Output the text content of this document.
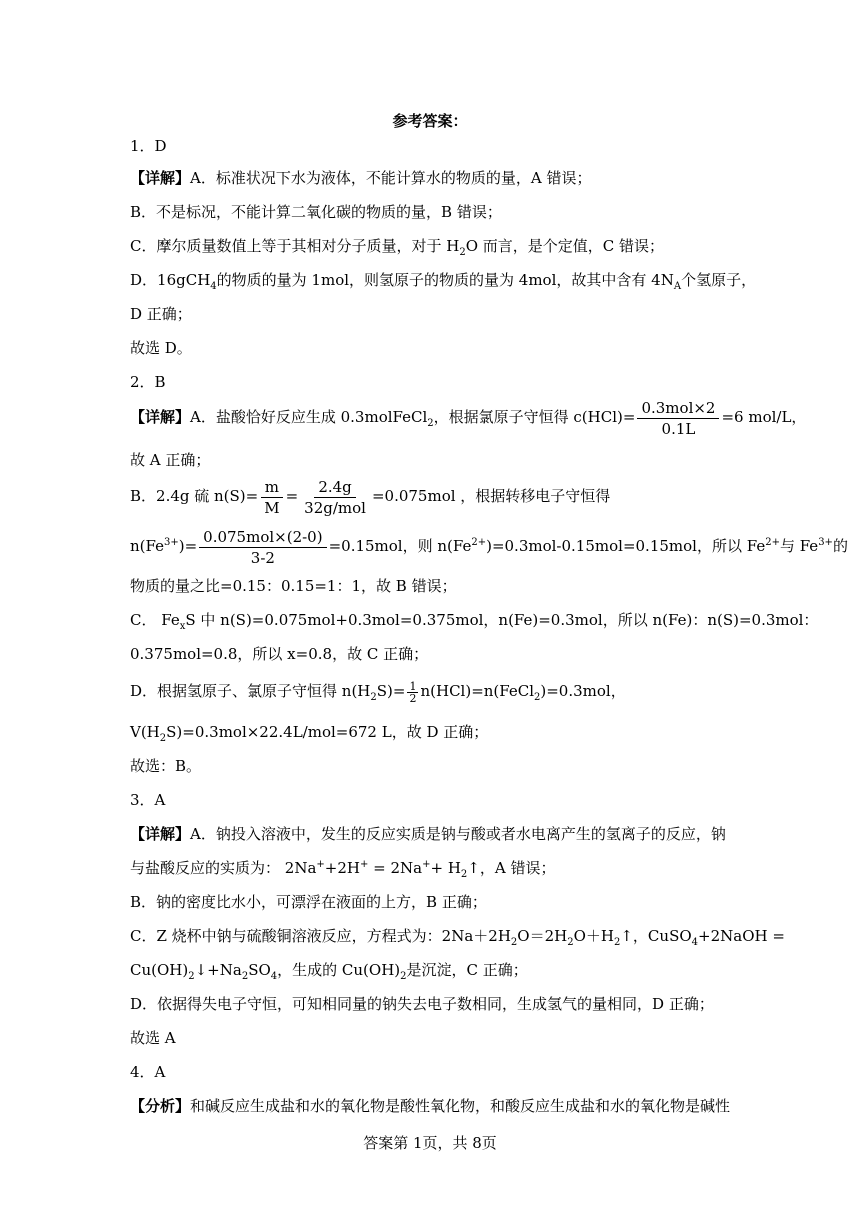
参考答案：
1．D
【详解】A．标准状况下水为液体，不能计算水的物质的量，A 错误；
B．不是标况，不能计算二氧化碳的物质的量，B 错误；
C．摩尔质量数值上等于其相对分子质量，对于 $H_2O$ 而言，是个定值，C 错误；
D．16gCH$_4$的物质的量为 1mol，则氢原子的物质的量为 4mol，故其中含有 $4N_A$个氢原子，
D 正确；
故选 D。
2．B
【详解】A．盐酸恰好反应生成 0.3molFeCl$_2$，根据氯原子守恒得 $c(HCl)= \frac{\text{0.3mol×2}}{0.1L} =6$ mol/L，
故 A 正确；
B．2.4g 硫 $n(S)= \frac{m}{M} = \frac{2.4g}{\text{32g/mol}} =0.075mol$ ，根据转移电子守恒得
$n(Fe^{3+})= \frac{\text{0.075mol×(2-0)}}{3-2} =0.15mol$，则 $n(Fe^{2+})=0.3mol-0.15mol=0.15mol$，所以 $Fe^{2+}$与 $Fe^{3+}$的
物质的量之比=0.15：0.15=1：1，故 B 错误；
C． $Fe_xS$ 中 n(S)=0.075mol+0.3mol=0.375mol，n(Fe)=0.3mol，所以 n(Fe)：n(S)=0.3mol：
0.375mol=0.8，所以 x=0.8，故 C 正确；
D．根据氢原子、氯原子守恒得 $n(H_2S)= \frac{1}{2}$ n(HCl)=n(FeCl$_2$)=0.3mol，
$V(H_2S)=0.3mol\times 22.4L/mol=672$ L，故 D 正确；
故选：B。
3．A
【详解】A．钠投入溶液中，发生的反应实质是钠与酸或者水电离产生的氢离子的反应，钠
与盐酸反应的实质为： $2Na^++2H^+ = 2Na^++ H_2↑$，A 错误；
B．钠的密度比水小，可漂浮在液面的上方，B 正确；
C．Z 烧杯中钠与硫酸铜溶液反应，方程式为：$2Na+2H_2O=2H_2O+H_2↑$，CuSO$_4$+2NaOH =
$Cu(OH)_2↓+Na_2SO_4$，生成的 $Cu(OH)_2$是沉淀，C 正确；
D．依据得失电子守恒，可知相同量的钠失去电子数相同，生成氢气的量相同，D 正确；
故选 A
4．A
【分析】和碱反应生成盐和水的氧化物是酸性氧化物，和酸反应生成盐和水的氧化物是碱性
答案第 1页，共 8页
